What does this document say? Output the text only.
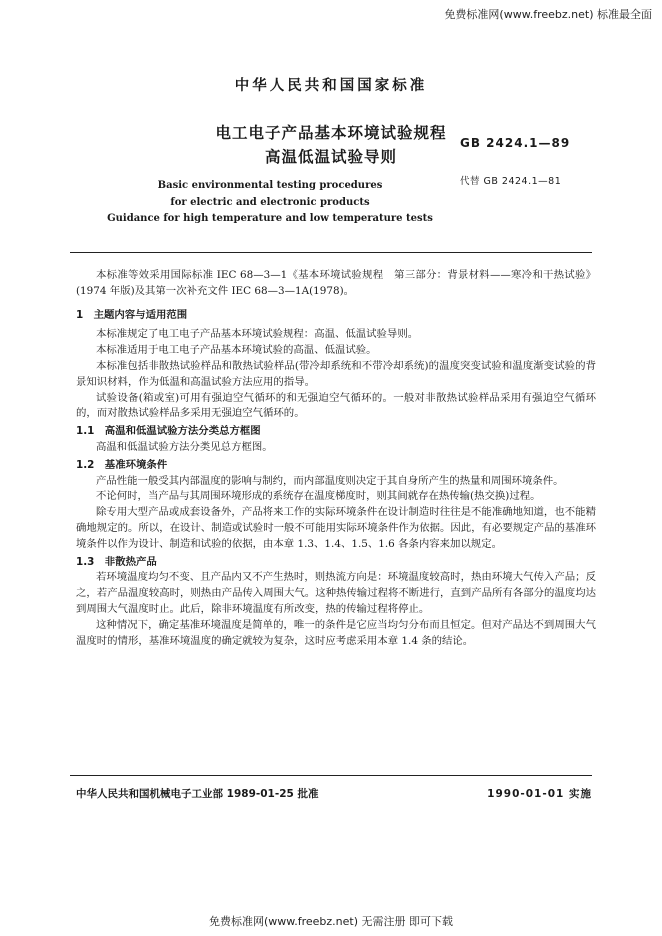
免费标准网(www.freebz.net) 标准最全面
中华人民共和国国家标准
电工电子产品基本环境试验规程
高温低温试验导则
GB 2424.1—89
代替 GB 2424.1—81
Basic environmental testing procedures
for electric and electronic products
Guidance for high temperature and low temperature tests

本标准等效采用国际标准 IEC 68—3—1《基本环境试验规程　第三部分：背景材料——寒冷和干热试验》(1974 年版)及其第一次补充文件 IEC 68—3—1A(1978)。

1　主题内容与适用范围

本标准规定了电工电子产品基本环境试验规程：高温、低温试验导则。

本标准适用于电工电子产品基本环境试验的高温、低温试验。

本标准包括非散热试验样品和散热试验样品(带冷却系统和不带冷却系统)的温度突变试验和温度渐变试验的背景知识材料，作为低温和高温试验方法应用的指导。

试验设备(箱或室)可用有强迫空气循环的和无强迫空气循环的。一般对非散热试验样品采用有强迫空气循环的，而对散热试验样品多采用无强迫空气循环的。

1.1　高温和低温试验方法分类总方框图

高温和低温试验方法分类见总方框图。

1.2　基准环境条件

产品性能一般受其内部温度的影响与制约，而内部温度则决定于其自身所产生的热量和周围环境条件。

不论何时，当产品与其周围环境形成的系统存在温度梯度时，则其间就存在热传输(热交换)过程。

除专用大型产品或成套设备外，产品将来工作的实际环境条件在设计制造时往往是不能准确地知道，也不能精确地规定的。所以，在设计、制造或试验时一般不可能用实际环境条件作为依据。因此，有必要规定产品的基准环境条件以作为设计、制造和试验的依据，由本章 1.3、1.4、1.5、1.6 各条内容来加以规定。

1.3　非散热产品

若环境温度均匀不变、且产品内又不产生热时，则热流方向是：环境温度较高时，热由环境大气传入产品；反之，若产品温度较高时，则热由产品传入周围大气。这种热传输过程将不断进行，直到产品所有各部分的温度均达到周围大气温度时止。此后，除非环境温度有所改变，热的传输过程将停止。

这种情况下，确定基准环境温度是简单的，唯一的条件是它应当均匀分布而且恒定。但对产品达不到周围大气温度时的情形，基准环境温度的确定就较为复杂，这时应考虑采用本章 1.4 条的结论。

中华人民共和国机械电子工业部 1989-01-25 批准	1990-01-01 实施
免费标准网(www.freebz.net) 无需注册 即可下载
